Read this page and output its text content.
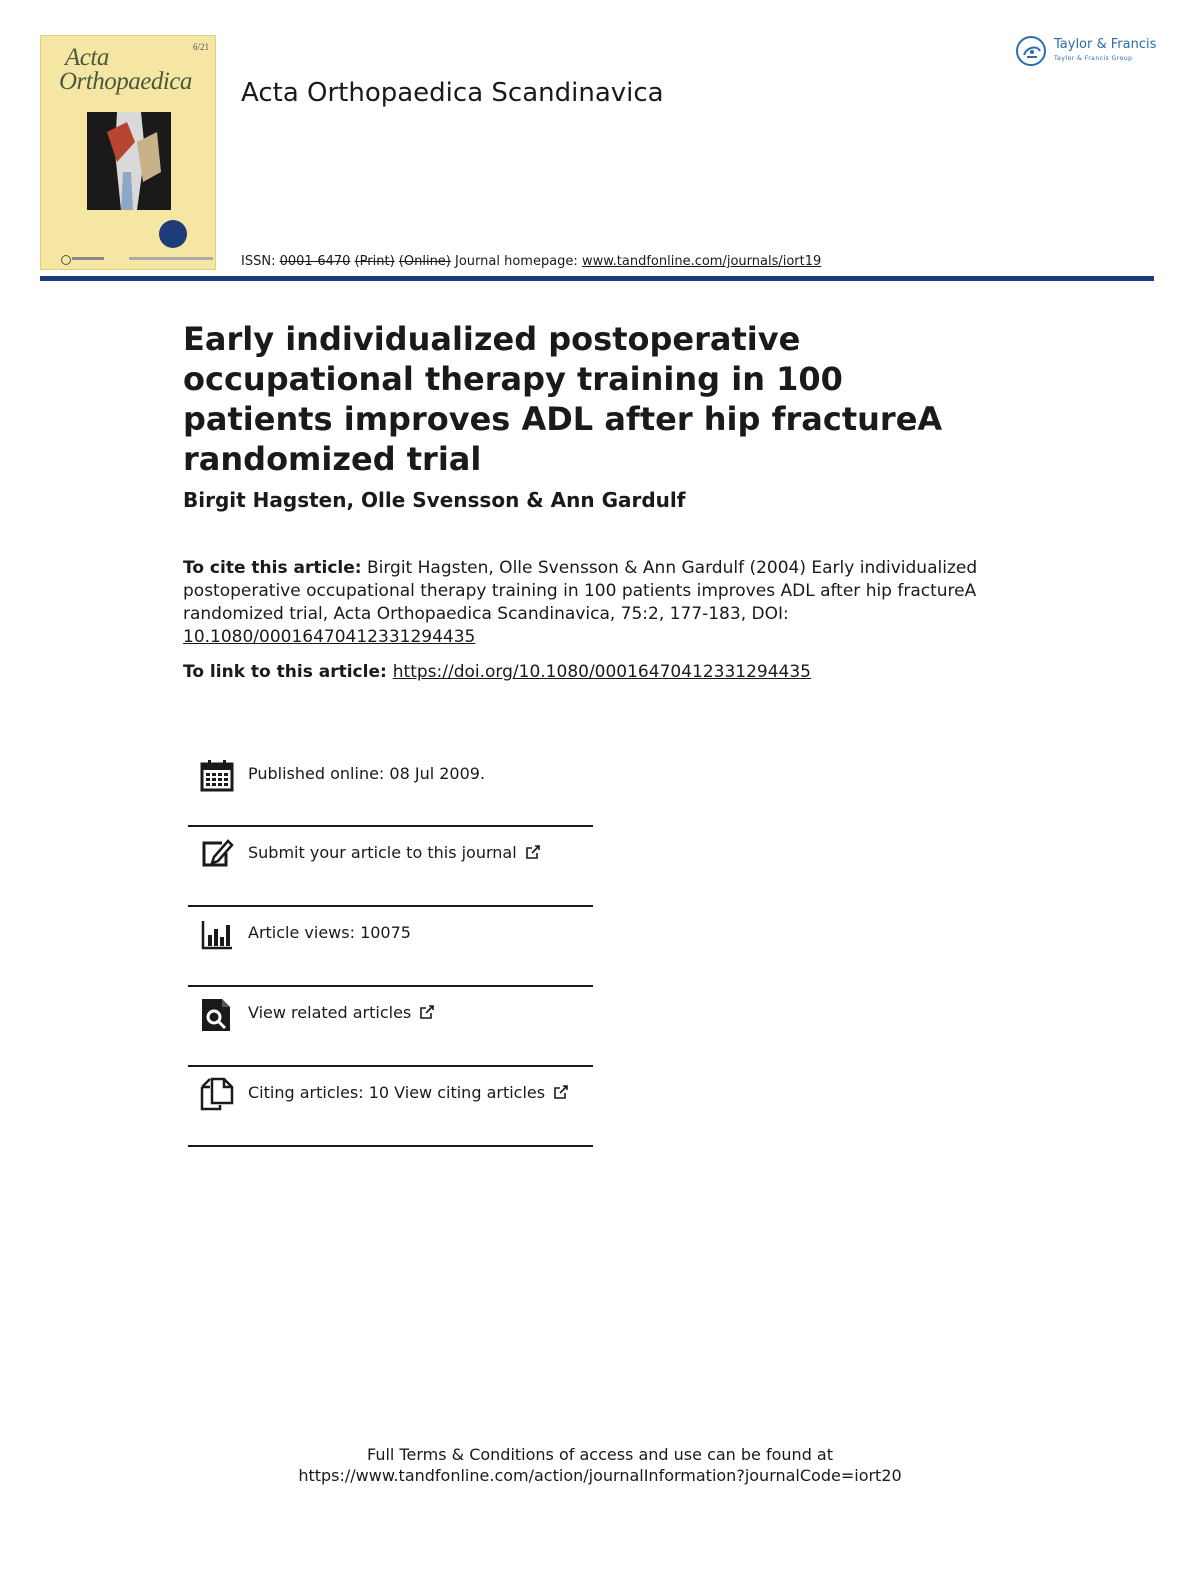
6/21
Acta
Orthopaedica Acta Orthopaedica Scandinavica
Taylor & Francis
Taylor & Francis Group
ISSN: 0001-6470 (Print) (Online) Journal homepage: www.tandfonline.com/journals/iort19
Early individualized postoperative occupational therapy training in 100 patients improves ADL after hip fractureA randomized trial
Birgit Hagsten, Olle Svensson & Ann Gardulf
To cite this article: Birgit Hagsten, Olle Svensson & Ann Gardulf (2004) Early individualized postoperative occupational therapy training in 100 patients improves ADL after hip fractureA randomized trial, Acta Orthopaedica Scandinavica, 75:2, 177-183, DOI:
10.1080/00016470412331294435
To link to this article: https://doi.org/10.1080/00016470412331294435
Published online: 08 Jul 2009.
Submit your article to this journal
Article views: 10075
View related articles
Citing articles: 10 View citing articles
Full Terms & Conditions of access and use can be found at
https://www.tandfonline.com/action/journalInformation?journalCode=iort20
